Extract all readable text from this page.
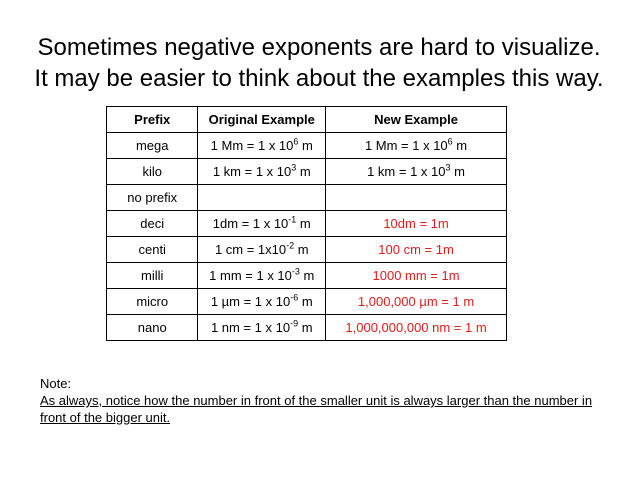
Sometimes negative exponents are hard to visualize.
It may be easier to think about the examples this way.
Prefix	Original Example	New Example
mega	1 Mm = 1 x $10^6$ m	1 Mm = 1 x $10^6$ m
kilo	1 km = 1 x $10^3$ m	1 km = 1 x $10^3$ m
no prefix		
deci	1dm = 1 x $10^{-1}$ m	10dm = 1m
centi	1 cm = $1x10^{-2}$ m	100 cm = 1m
milli	1 mm = 1 x $10^{-3}$ m	1000 mm = 1m
micro	1 µm = 1 x $10^{-6}$ m	1,000,000 µm = 1 m
nano	1 nm = 1 x $10^{-9}$ m	1,000,000,000 nm = 1 m
Note:
As always, notice how the number in front of the smaller unit is always larger than the number in front of the bigger unit.
